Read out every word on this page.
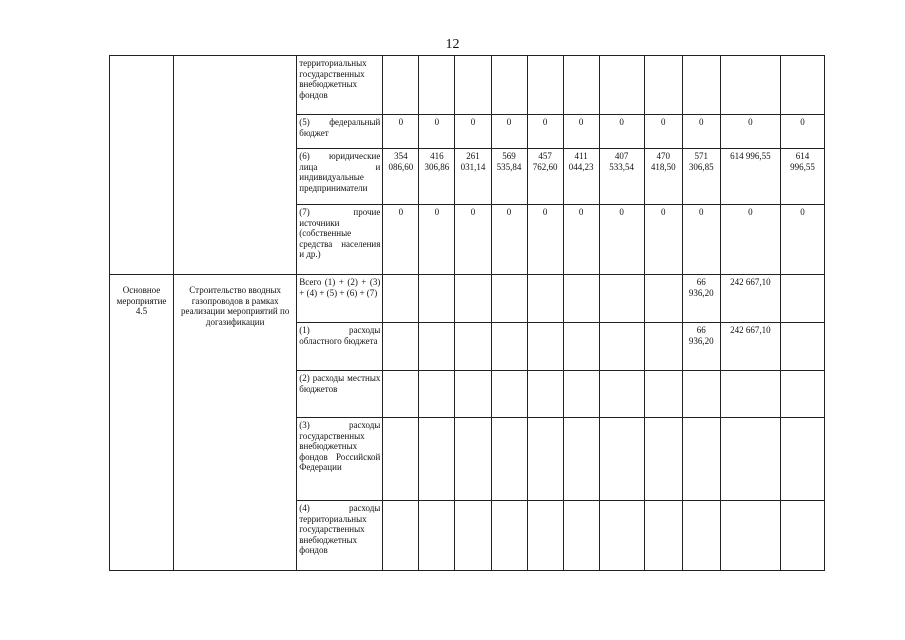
12
		территориальных государственных внебюджетных фондов											
		(5) федеральный бюджет	0	0	0	0	0	0	0	0	0	0	0
		(6) юридические лица и индивидуальные предприниматели	354 086,60	416 306,86	261 031,14	569 535,84	457 762,60	411 044,23	407 533,54	470 418,50	571 306,85	614 996,55	614 996,55
		(7) прочие источники (собственные средства населения и др.)	0	0	0	0	0	0	0	0	0	0	0
Основное мероприятие 4.5	Строительство вводных газопроводов в рамках реализации мероприятий по догазификации	Всего (1) + (2) + (3) + (4) + (5) + (6) + (7)									66 936,20	242 667,10	
		(1) расходы областного бюджета									66 936,20	242 667,10	
		(2) расходы местных бюджетов											
		(3) расходы государственных внебюджетных фондов Российской Федерации											
		(4) расходы территориальных государственных внебюджетных фондов											
